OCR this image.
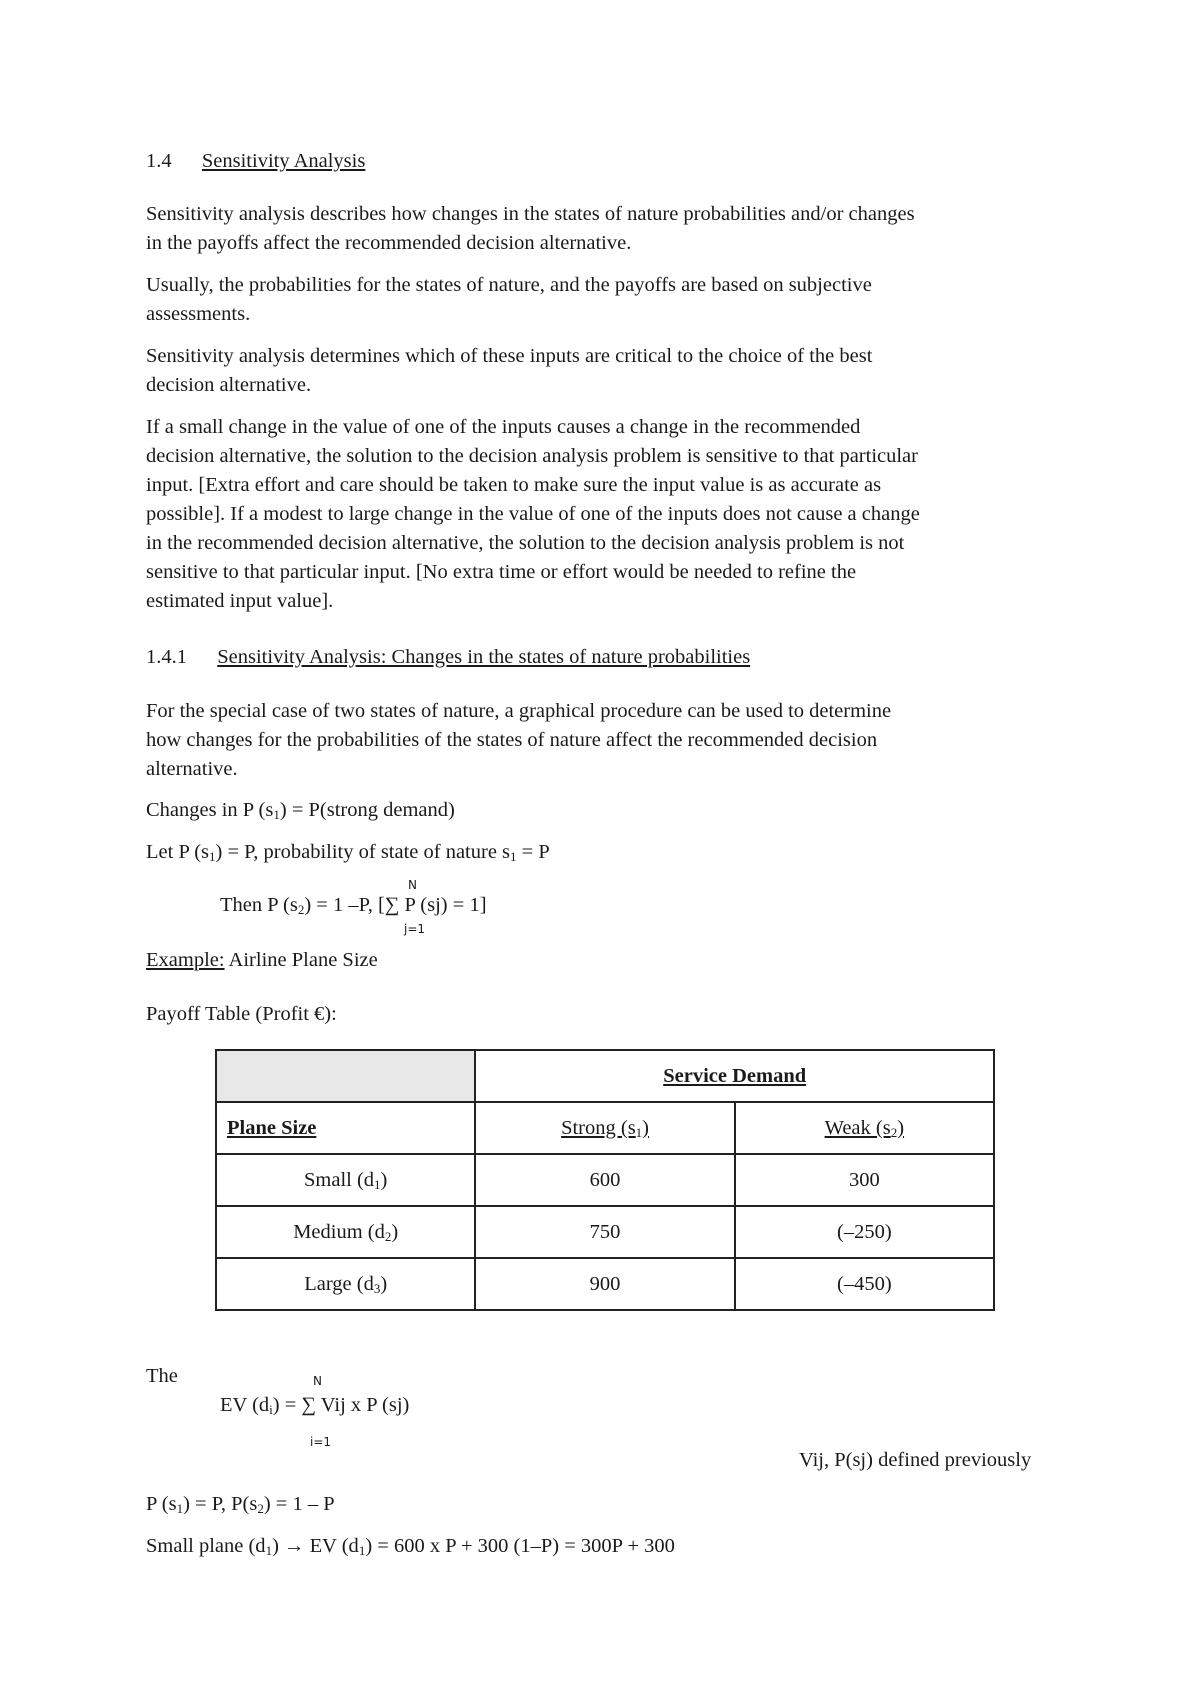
1.4 Sensitivity Analysis
Sensitivity analysis describes how changes in the states of nature probabilities and/or changes
in the payoffs affect the recommended decision alternative.
Usually, the probabilities for the states of nature, and the payoffs are based on subjective
assessments.
Sensitivity analysis determines which of these inputs are critical to the choice of the best
decision alternative.
If a small change in the value of one of the inputs causes a change in the recommended
decision alternative, the solution to the decision analysis problem is sensitive to that particular
input. [Extra effort and care should be taken to make sure the input value is as accurate as
possible]. If a modest to large change in the value of one of the inputs does not cause a change
in the recommended decision alternative, the solution to the decision analysis problem is not
sensitive to that particular input. [No extra time or effort would be needed to refine the
estimated input value].
1.4.1 Sensitivity Analysis: Changes in the states of nature probabilities
For the special case of two states of nature, a graphical procedure can be used to determine
how changes for the probabilities of the states of nature affect the recommended decision
alternative.
Changes in P $(s_1)$ = P(strong demand)
Let P $(s_1) = P$, probability of state of nature $s_1 = P$
N
Then P $(s_2) = 1$ –P, [∑ P (sj) = 1]
j=1
Example: Airline Plane Size
Payoff Table (Profit €):
	Service Demand	
Plane Size	Strong $(s_1)$	Weak $(s_2)$
Small $(d_1)$	600	300
Medium $(d_2)$	750	(–250)
Large $(d_3)$	900	(–450)
The	N
EV $(d_i)$ = ∑ Vij x P (sj)
i=1
Vij, P(sj) defined previously
P $(s_1) = P$, $P(s_2) = 1 - P$
Small plane $(d_1)$ → EV $(d_1) = 600$ x P + 300 (1–P) = 300P + 300
